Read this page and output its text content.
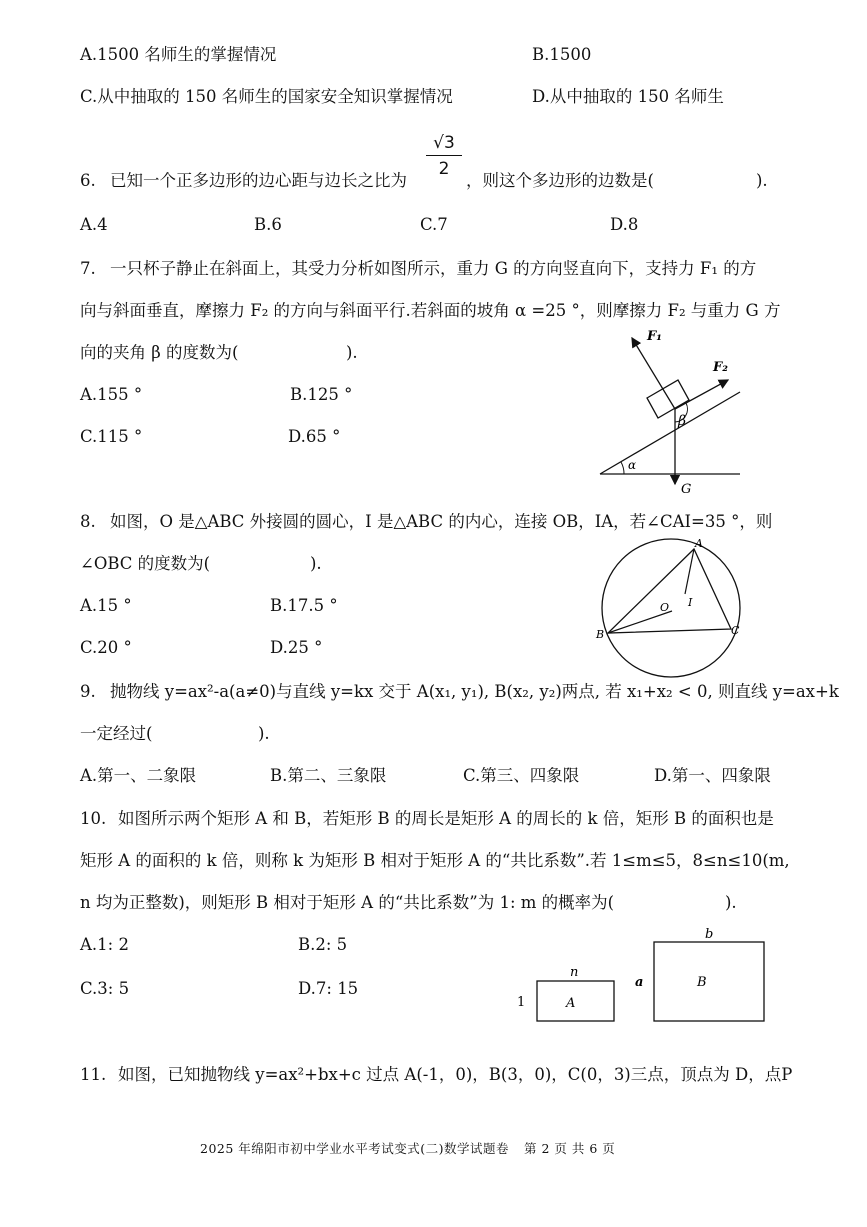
A.1500 名师生的掌握情况	B.1500
C.从中抽取的 150 名师生的国家安全知识掌握情况	D.从中抽取的 150 名师生
6. 已知一个正多边形的边心距与边长之比为
$\frac{√3}{2}$
，则这个多边形的边数是(	).
A.4	B.6	C.7	D.8
7. 一只杯子静止在斜面上，其受力分析如图所示，重力 G 的方向竖直向下，支持力 F₁ 的方
向与斜面垂直，摩擦力 F₂ 的方向与斜面平行.若斜面的坡角 α =25 °，则摩擦力 F₂ 与重力 G 方
向的夹角 β 的度数为(	).
A.155 °	B.125 °
C.115 °	D.65 °
F₁
F₂
β
α
G
8. 如图，O 是△ABC 外接圆的圆心，I 是△ABC 的内心，连接 OB，IA，若∠CAI=35 °，则
∠OBC 的度数为(	).
A.15 °	B.17.5 °
C.20 °	D.25 °
A
B	C
O I
9. 抛物线 y=ax²-a(a≠0)与直线 y=kx 交于 A(x₁, y₁), B(x₂, y₂)两点, 若 x₁+x₂ < 0, 则直线 y=ax+k
一定经过(	).
A.第一、二象限	B.第二、三象限	C.第三、四象限	D.第一、四象限
10. 如图所示两个矩形 A 和 B，若矩形 B 的周长是矩形 A 的周长的 k 倍，矩形 B 的面积也是
矩形 A 的面积的 k 倍，则称 k 为矩形 B 相对于矩形 A 的“共比系数”.若 1≤m≤5，8≤n≤10(m,
n 均为正整数)，则矩形 B 相对于矩形 A 的“共比系数”为 1: m 的概率为(	).
A.1: 2	B.2: 5
C.3: 5	D.7: 15
n
1	A
a
b
B
11. 如图，已知抛物线 y=ax²+bx+c 过点 A(-1，0)，B(3，0)，C(0，3)三点，顶点为 D，点P
2025 年绵阳市初中学业水平考试变式(二)数学试题卷 第 2 页 共 6 页
